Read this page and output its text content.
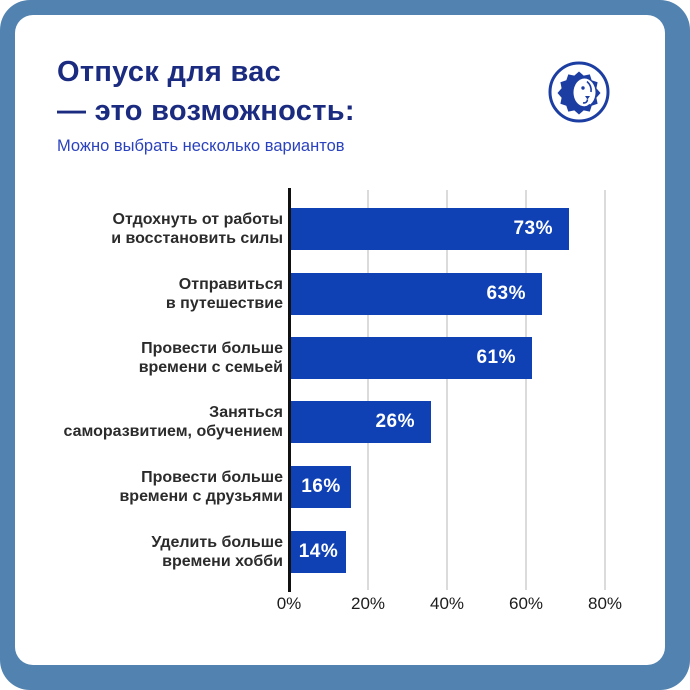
Отпуск для вас
— это возможность:
Можно выбрать несколько вариантов
0%	20%	40%	60%	80%
Отдохнуть от работы
и восстановить силы	73%
Отправиться
в путешествие	63%
Провести больше
времени с семьей	61%
Заняться
саморазвитием, обучением	26%
Провести больше
времени с друзьями 16%
Уделить больше
времени хобби 14%
